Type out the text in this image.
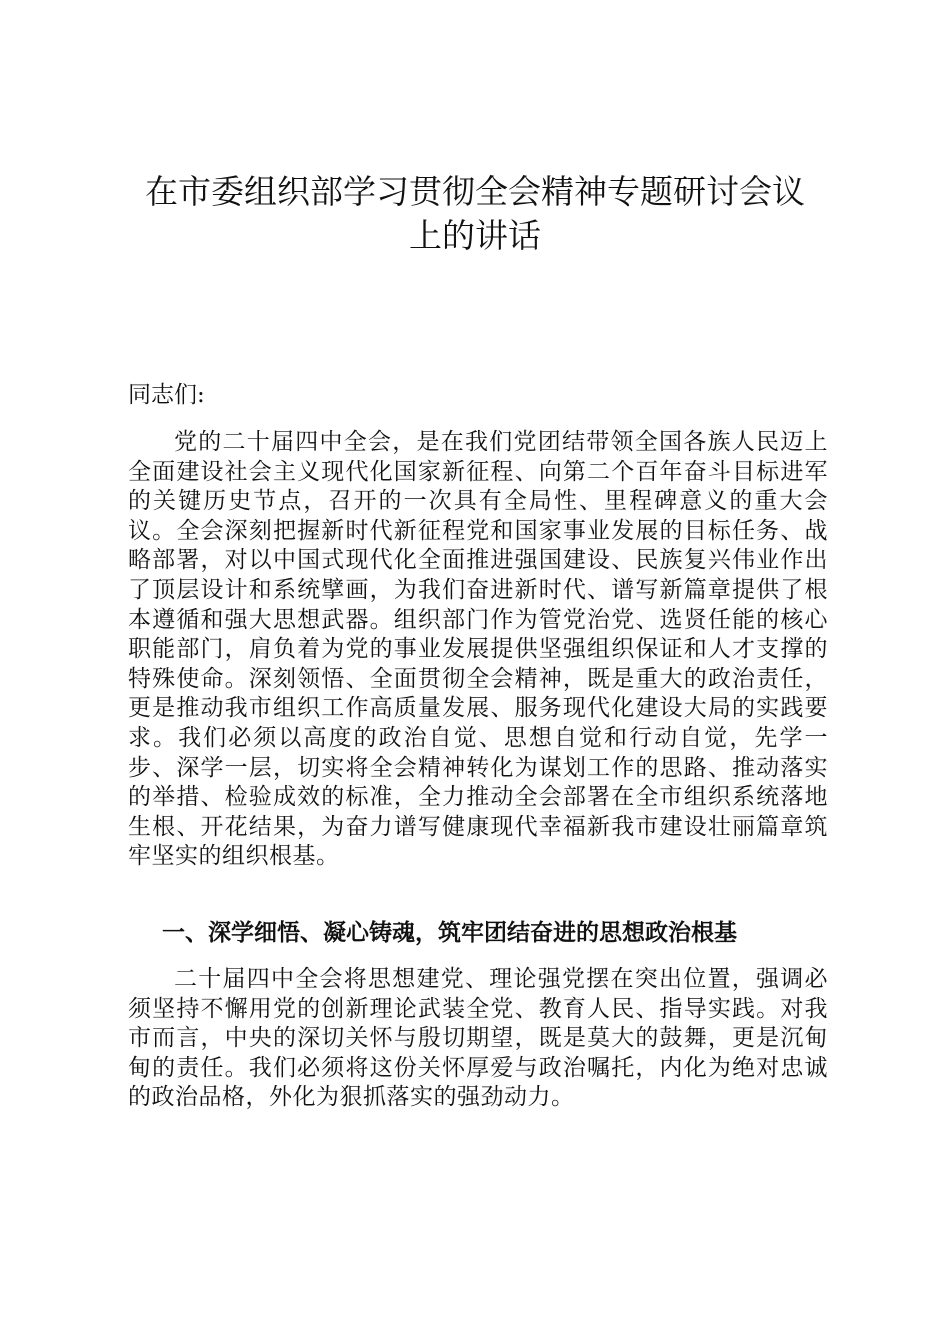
在市委组织部学习贯彻全会精神专题研讨会议
上的讲话
同志们:
党的二十届四中全会，是在我们党团结带领全国各族人民迈上全面建设社会主义现代化国家新征程、向第二个百年奋斗目标进军的关键历史节点，召开的一次具有全局性、里程碑意义的重大会议。全会深刻把握新时代新征程党和国家事业发展的目标任务、战略部署，对以中国式现代化全面推进强国建设、民族复兴伟业作出了顶层设计和系统擘画，为我们奋进新时代、谱写新篇章提供了根本遵循和强大思想武器。组织部门作为管党治党、选贤任能的核心职能部门，肩负着为党的事业发展提供坚强组织保证和人才支撑的特殊使命。深刻领悟、全面贯彻全会精神，既是重大的政治责任，更是推动我市组织工作高质量发展、服务现代化建设大局的实践要求。我们必须以高度的政治自觉、思想自觉和行动自觉，先学一步、深学一层，切实将全会精神转化为谋划工作的思路、推动落实的举措、检验成效的标准，全力推动全会部署在全市组织系统落地生根、开花结果，为奋力谱写健康现代幸福新我市建设壮丽篇章筑牢坚实的组织根基。
一、深学细悟、凝心铸魂，筑牢团结奋进的思想政治根基
二十届四中全会将思想建党、理论强党摆在突出位置，强调必须坚持不懈用党的创新理论武装全党、教育人民、指导实践。对我市而言，中央的深切关怀与殷切期望，既是莫大的鼓舞，更是沉甸甸的责任。我们必须将这份关怀厚爱与政治嘱托，内化为绝对忠诚的政治品格，外化为狠抓落实的强劲动力。
